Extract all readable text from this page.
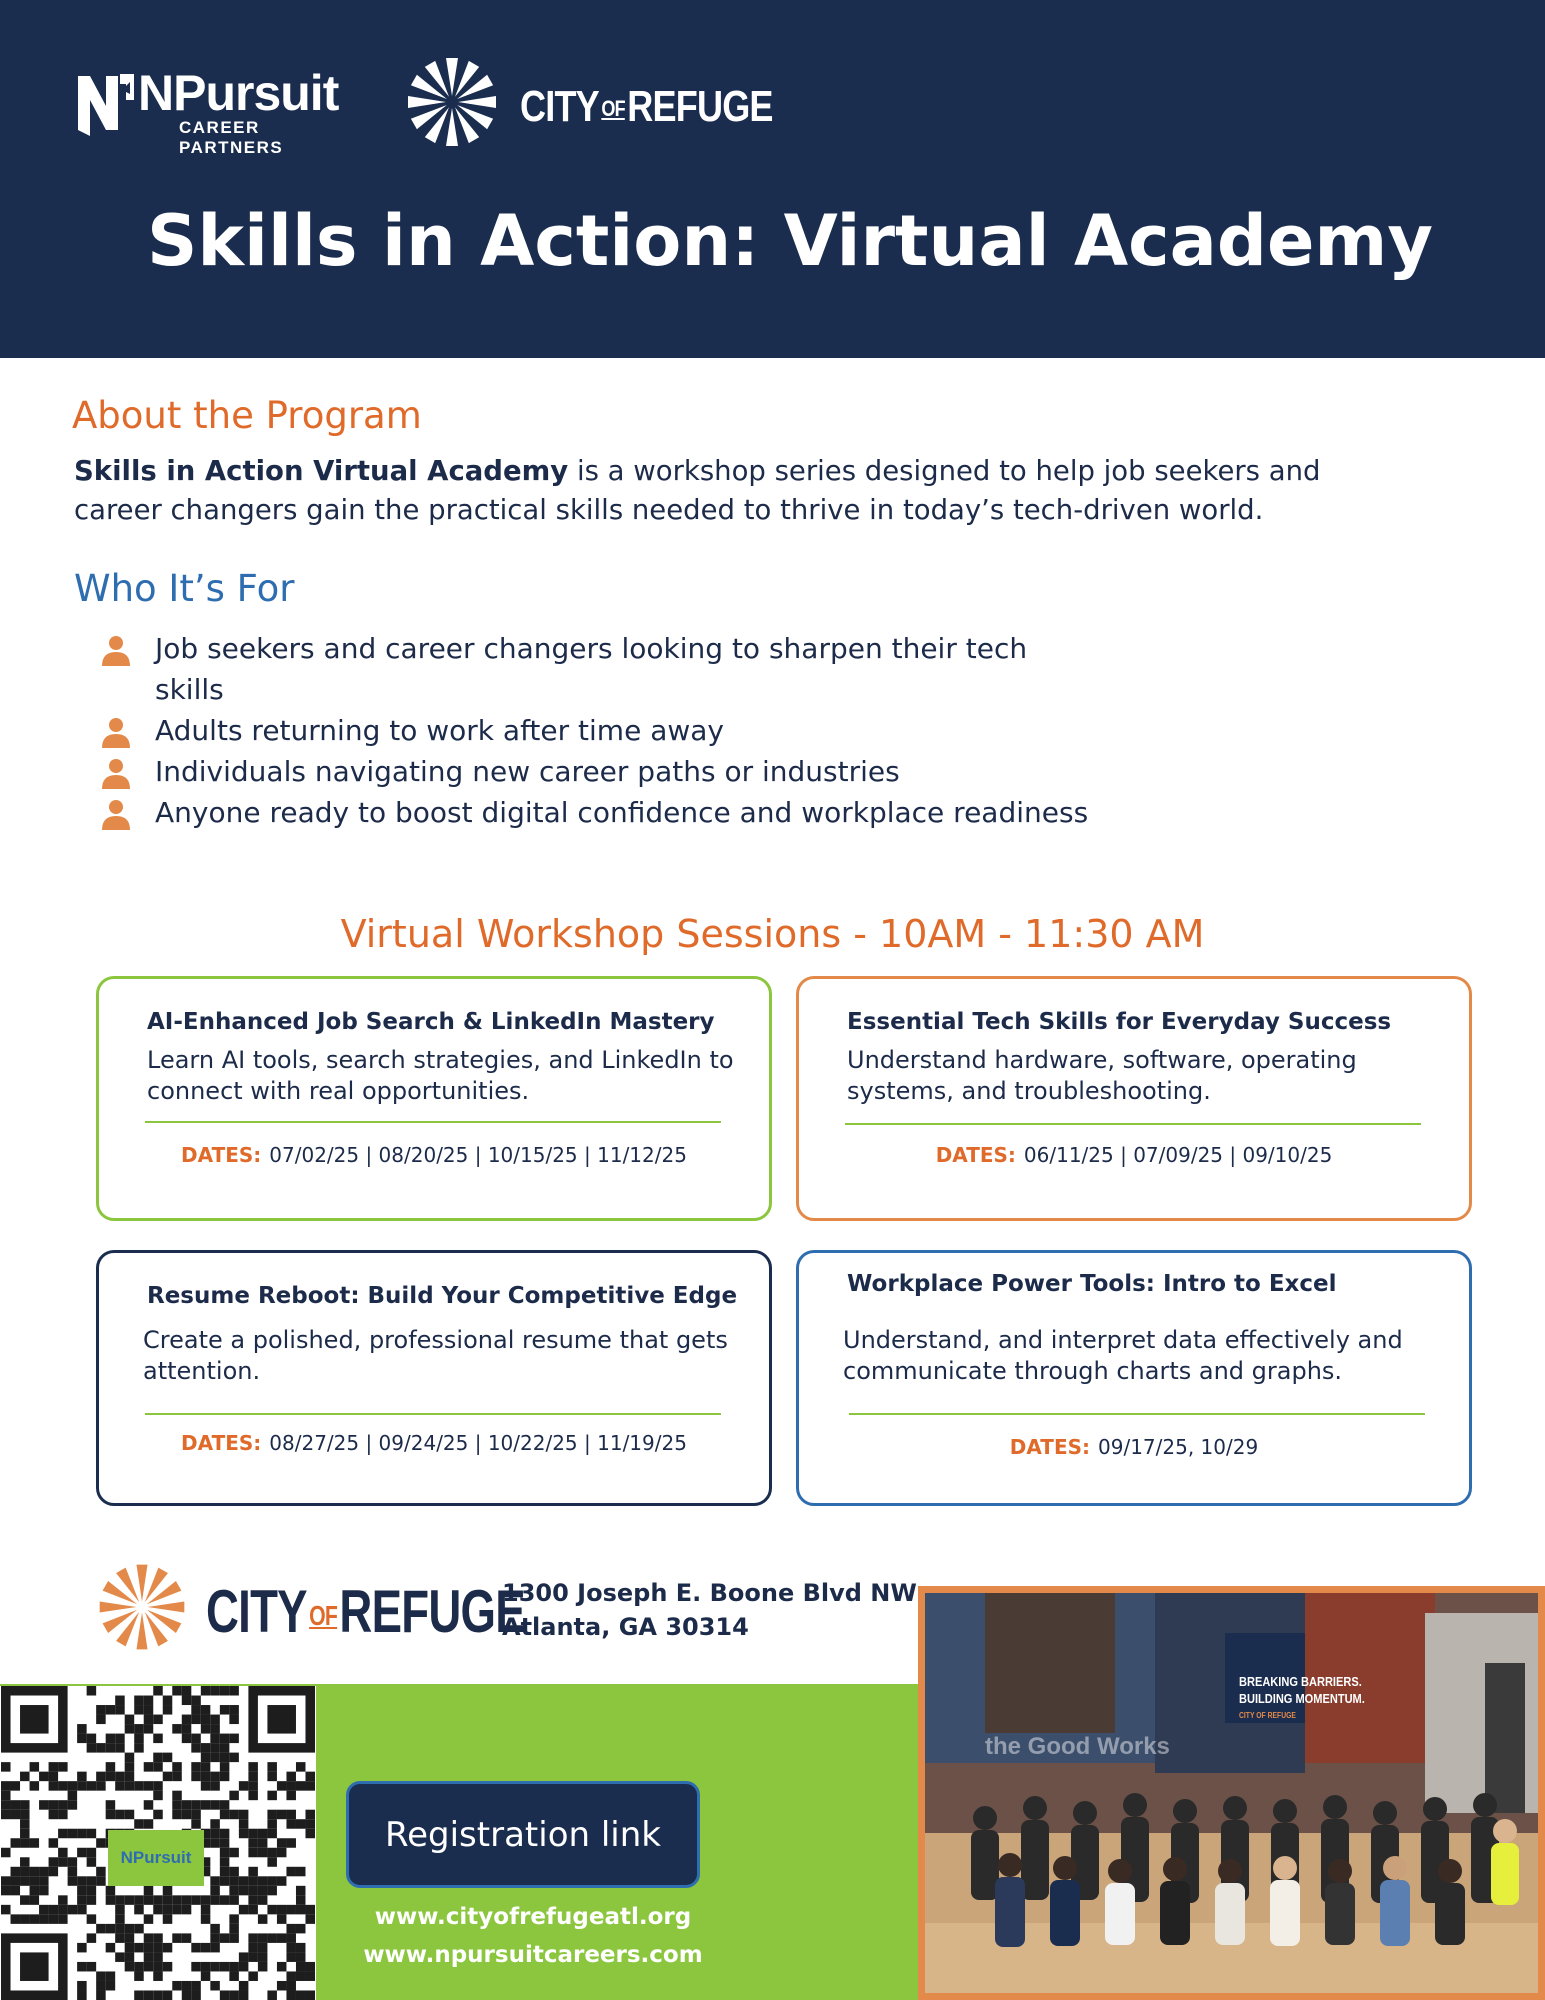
NPursuit
CAREER PARTNERS
CITY OFREFUGE
Skills in Action: Virtual Academy
About the Program
Skills in Action Virtual Academy is a workshop series designed to help job seekers and career changers gain the practical skills needed to thrive in today’s tech-driven world.
Who It’s For
Job seekers and career changers looking to sharpen their tech skills
Adults returning to work after time away
Individuals navigating new career paths or industries
Anyone ready to boost digital confidence and workplace readiness
Virtual Workshop Sessions - 10AM - 11:30 AM
AI-Enhanced Job Search & LinkedIn Mastery
Learn AI tools, search strategies, and LinkedIn to connect with real opportunities.
DATES: 07/02/25 | 08/20/25 | 10/15/25 | 11/12/25
Essential Tech Skills for Everyday Success
Understand hardware, software, operating systems, and troubleshooting.
DATES: 06/11/25 | 07/09/25 | 09/10/25
Resume Reboot: Build Your Competitive Edge
Create a polished, professional resume that gets attention.
DATES: 08/27/25 | 09/24/25 | 10/22/25 | 11/19/25
Workplace Power Tools: Intro to Excel
Understand, and interpret data effectively and communicate through charts and graphs.
DATES: 09/17/25, 10/29
CITYOFREFUGE
1300 Joseph E. Boone Blvd NW
Atlanta, GA 30314
NPursuit
Registration link
www.cityofrefugeatl.org
www.npursuitcareers.com
the Good Works
BREAKING BARRIERS.
BUILDING MOMENTUM.
CITY OF REFUGE
